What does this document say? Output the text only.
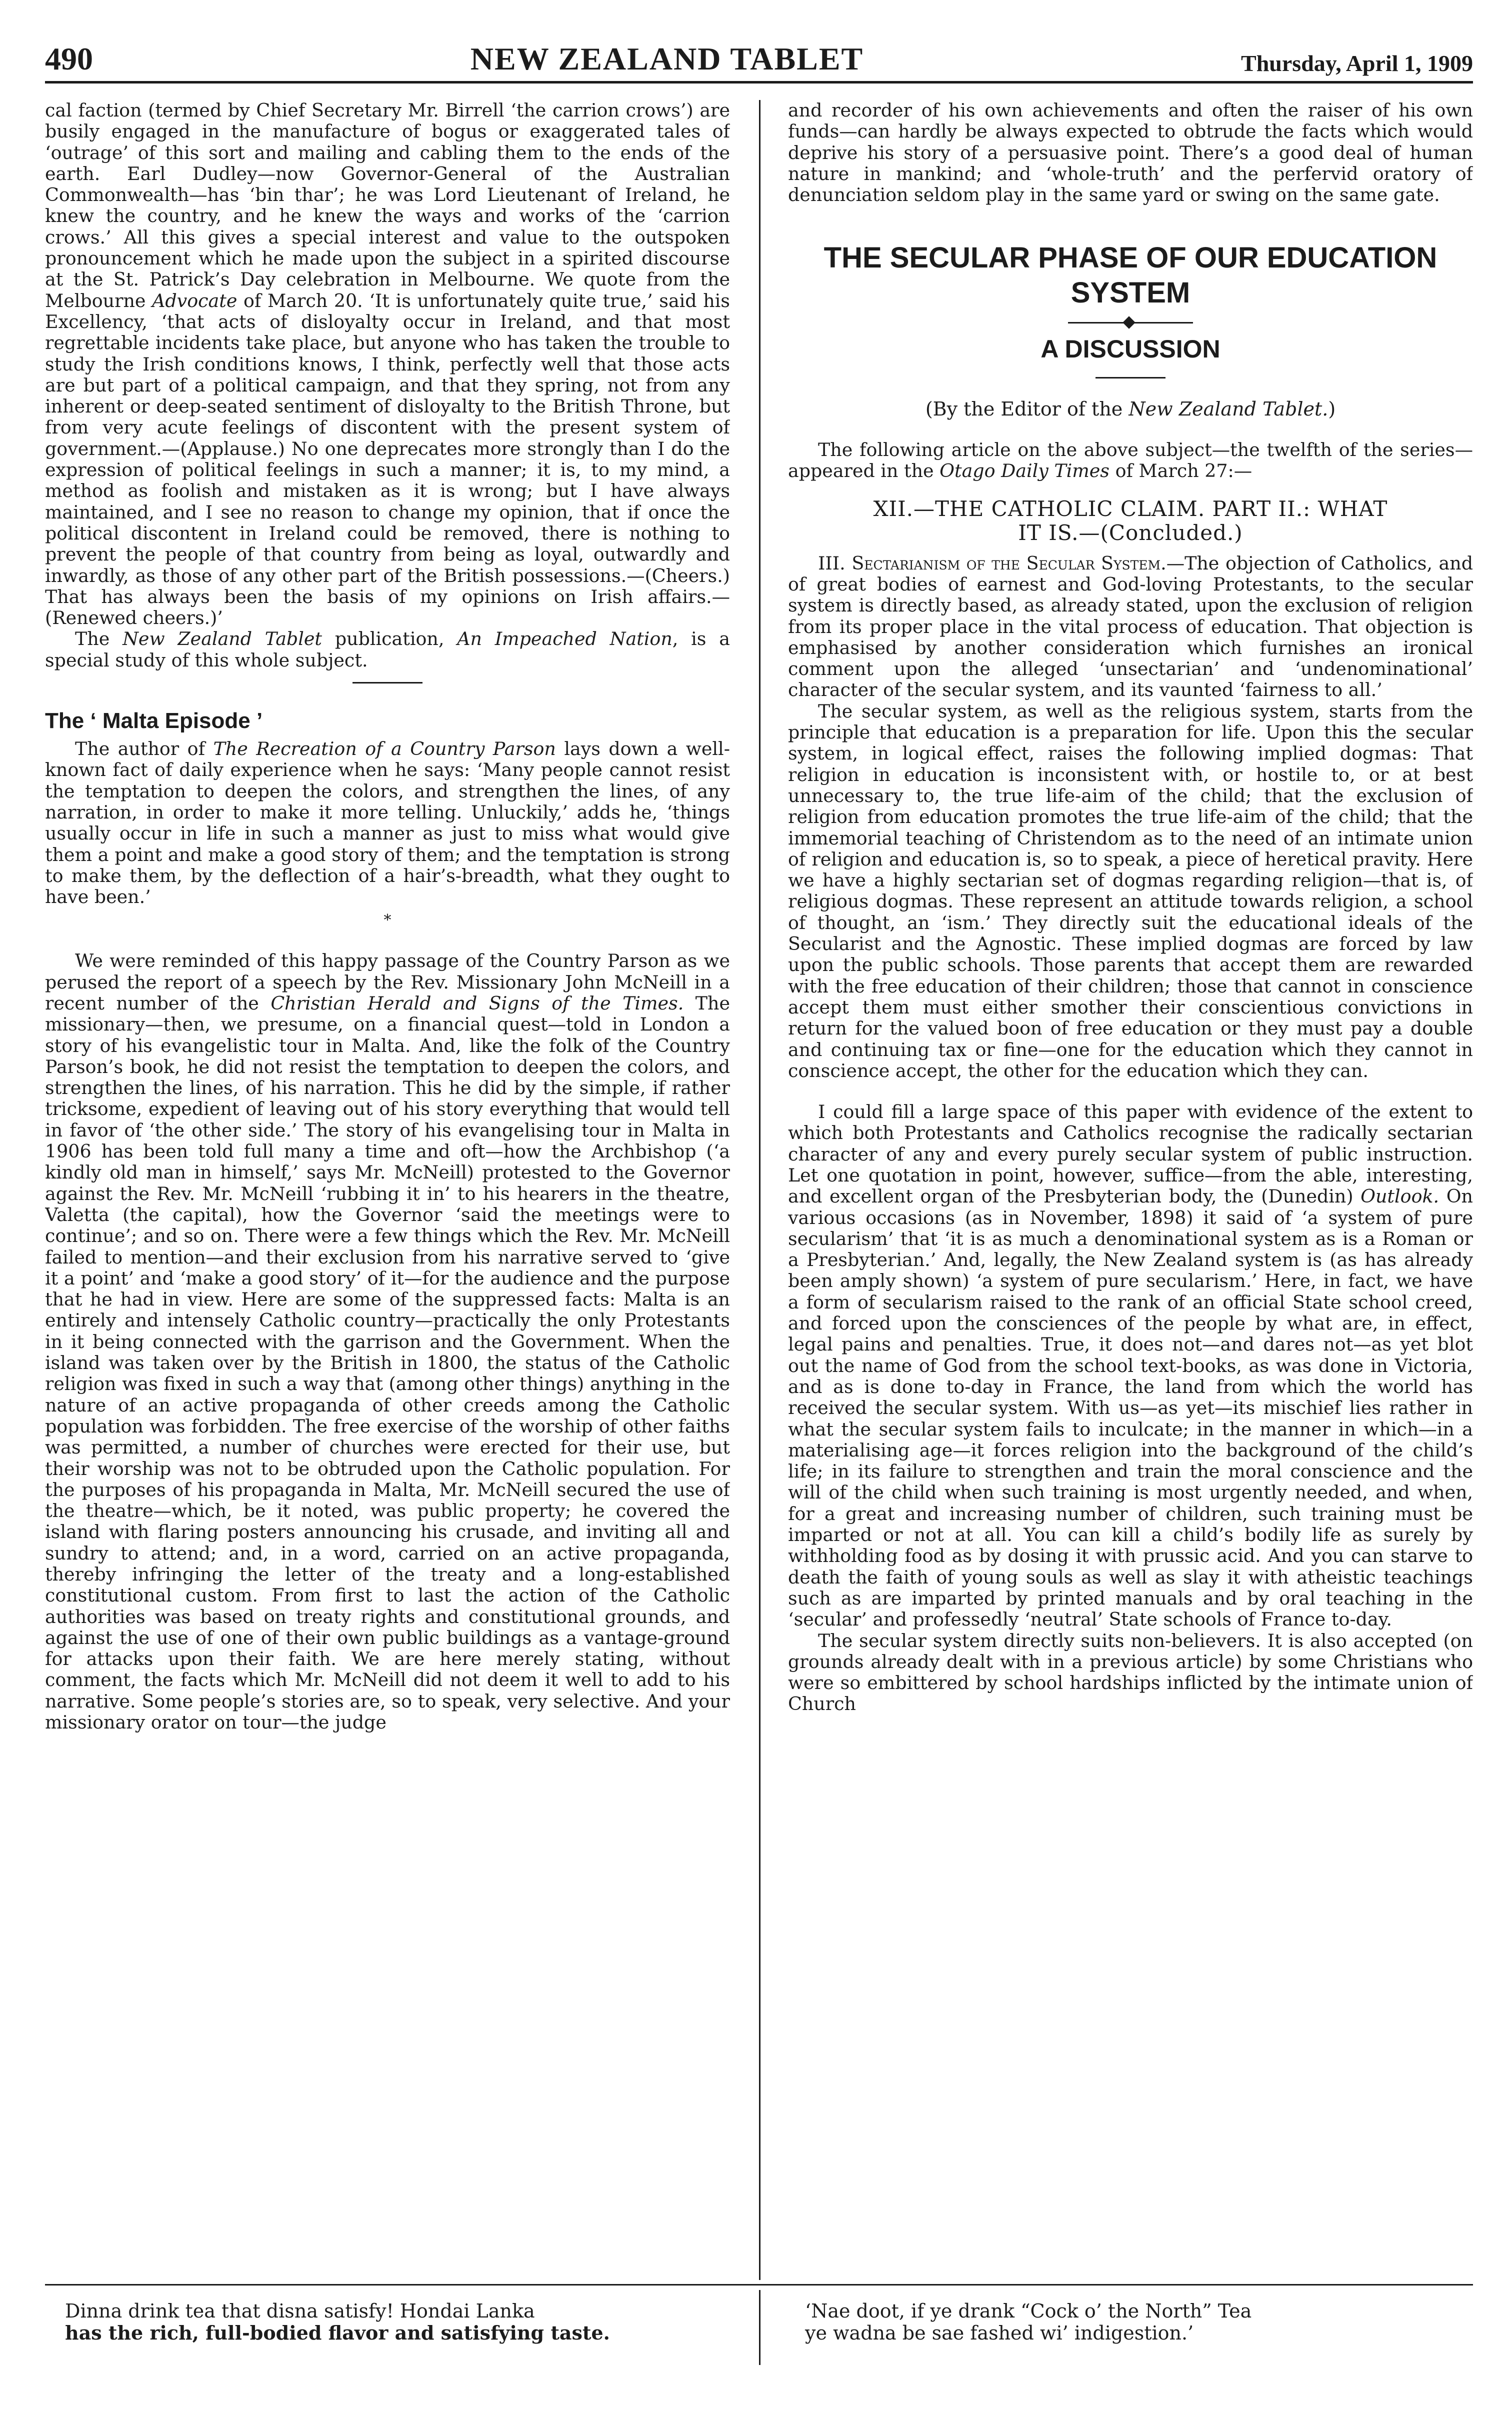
490	NEW ZEALAND TABLET	Thursday, April 1, 1909

cal faction (termed by Chief Secretary Mr. Birrell ‘the carrion crows’) are busily engaged in the manufacture of bogus or exaggerated tales of ‘outrage’ of this sort and mailing and cabling them to the ends of the earth. Earl Dudley—now Governor-General of the Australian Commonwealth—has ‘bin thar’; he was Lord Lieutenant of Ireland, he knew the country, and he knew the ways and works of the ‘carrion crows.’ All this gives a special interest and value to the outspoken pronouncement which he made upon the subject in a spirited discourse at the St. Patrick’s Day celebration in Melbourne. We quote from the Melbourne Advocate of March 20. ‘It is unfortunately quite true,’ said his Excellency, ‘that acts of disloyalty occur in Ireland, and that most regrettable incidents take place, but anyone who has taken the trouble to study the Irish conditions knows, I think, perfectly well that those acts are but part of a political campaign, and that they spring, not from any inherent or deep-seated sentiment of disloyalty to the British Throne, but from very acute feelings of discontent with the present system of government.—(Applause.) No one deprecates more strongly than I do the expression of political feelings in such a manner; it is, to my mind, a method as foolish and mistaken as it is wrong; but I have always maintained, and I see no reason to change my opinion, that if once the political discontent in Ireland could be removed, there is nothing to prevent the people of that country from being as loyal, outwardly and inwardly, as those of any other part of the British possessions.—(Cheers.) That has always been the basis of my opinions on Irish affairs.—(Renewed cheers.)’

The New Zealand Tablet publication, An Impeached Nation, is a special study of this whole subject.

The ‘ Malta Episode ’

The author of The Recreation of a Country Parson lays down a well-known fact of daily experience when he says: ‘Many people cannot resist the temptation to deepen the colors, and strengthen the lines, of any narration, in order to make it more telling. Unluckily,’ adds he, ‘things usually occur in life in such a manner as just to miss what would give them a point and make a good story of them; and the temptation is strong to make them, by the deflection of a hair’s-breadth, what they ought to have been.’

*

We were reminded of this happy passage of the Country Parson as we perused the report of a speech by the Rev. Missionary John McNeill in a recent number of the Christian Herald and Signs of the Times. The missionary—then, we presume, on a financial quest—told in London a story of his evangelistic tour in Malta. And, like the folk of the Country Parson’s book, he did not resist the temptation to deepen the colors, and strengthen the lines, of his narration. This he did by the simple, if rather tricksome, expedient of leaving out of his story everything that would tell in favor of ‘the other side.’ The story of his evangelising tour in Malta in 1906 has been told full many a time and oft—how the Archbishop (‘a kindly old man in himself,’ says Mr. McNeill) protested to the Governor against the Rev. Mr. McNeill ‘rubbing it in’ to his hearers in the theatre, Valetta (the capital), how the Governor ‘said the meetings were to continue’; and so on. There were a few things which the Rev. Mr. McNeill failed to mention—and their exclusion from his narrative served to ‘give it a point’ and ‘make a good story’ of it—for the audience and the purpose that he had in view. Here are some of the suppressed facts: Malta is an entirely and intensely Catholic country—practically the only Protestants in it being connected with the garrison and the Government. When the island was taken over by the British in 1800, the status of the Catholic religion was fixed in such a way that (among other things) anything in the nature of an active propaganda of other creeds among the Catholic population was forbidden. The free exercise of the worship of other faiths was permitted, a number of churches were erected for their use, but their worship was not to be obtruded upon the Catholic population. For the purposes of his propaganda in Malta, Mr. McNeill secured the use of the theatre—which, be it noted, was public property; he covered the island with flaring posters announcing his crusade, and inviting all and sundry to attend; and, in a word, carried on an active propaganda, thereby infringing the letter of the treaty and a long-established constitutional custom. From first to last the action of the Catholic authorities was based on treaty rights and constitutional grounds, and against the use of one of their own public buildings as a vantage-ground for attacks upon their faith. We are here merely stating, without comment, the facts which Mr. McNeill did not deem it well to add to his narrative. Some people’s stories are, so to speak, very selective. And your missionary orator on tour—the judge

and recorder of his own achievements and often the raiser of his own funds—can hardly be always expected to obtrude the facts which would deprive his story of a persuasive point. There’s a good deal of human nature in mankind; and ‘whole-truth’ and the perfervid oratory of denunciation seldom play in the same yard or swing on the same gate.

THE SECULAR PHASE OF OUR EDUCATION
SYSTEM
A DISCUSSION
(By the Editor of the New Zealand Tablet.)

The following article on the above subject—the twelfth of the series—appeared in the Otago Daily Times of March 27:—

XII.—THE CATHOLIC CLAIM. PART II.: WHAT
IT IS.—(Concluded.)

III. Sectarianism of the Secular System.—The objection of Catholics, and of great bodies of earnest and God-loving Protestants, to the secular system is directly based, as already stated, upon the exclusion of religion from its proper place in the vital process of education. That objection is emphasised by another consideration which furnishes an ironical comment upon the alleged ‘unsectarian’ and ‘undenominational’ character of the secular system, and its vaunted ‘fairness to all.’

The secular system, as well as the religious system, starts from the principle that education is a preparation for life. Upon this the secular system, in logical effect, raises the following implied dogmas: That religion in education is inconsistent with, or hostile to, or at best unnecessary to, the true life-aim of the child; that the exclusion of religion from education promotes the true life-aim of the child; that the immemorial teaching of Christendom as to the need of an intimate union of religion and education is, so to speak, a piece of heretical pravity. Here we have a highly sectarian set of dogmas regarding religion—that is, of religious dogmas. These represent an attitude towards religion, a school of thought, an ‘ism.’ They directly suit the educational ideals of the Secularist and the Agnostic. These implied dogmas are forced by law upon the public schools. Those parents that accept them are rewarded with the free education of their children; those that cannot in conscience accept them must either smother their conscientious convictions in return for the valued boon of free education or they must pay a double and continuing tax or fine—one for the education which they cannot in conscience accept, the other for the education which they can.

I could fill a large space of this paper with evidence of the extent to which both Protestants and Catholics recognise the radically sectarian character of any and every purely secular system of public instruction. Let one quotation in point, however, suffice—from the able, interesting, and excellent organ of the Presbyterian body, the (Dunedin) Outlook. On various occasions (as in November, 1898) it said of ‘a system of pure secularism’ that ‘it is as much a denominational system as is a Roman or a Presbyterian.’ And, legally, the New Zealand system is (as has already been amply shown) ‘a system of pure secularism.’ Here, in fact, we have a form of secularism raised to the rank of an official State school creed, and forced upon the consciences of the people by what are, in effect, legal pains and penalties. True, it does not—and dares not—as yet blot out the name of God from the school text-books, as was done in Victoria, and as is done to-day in France, the land from which the world has received the secular system. With us—as yet—its mischief lies rather in what the secular system fails to inculcate; in the manner in which—in a materialising age—it forces religion into the background of the child’s life; in its failure to strengthen and train the moral conscience and the will of the child when such training is most urgently needed, and when, for a great and increasing number of children, such training must be imparted or not at all. You can kill a child’s bodily life as surely by withholding food as by dosing it with prussic acid. And you can starve to death the faith of young souls as well as slay it with atheistic teachings such as are imparted by printed manuals and by oral teaching in the ‘secular’ and professedly ‘neutral’ State schools of France to-day.

The secular system directly suits non-believers. It is also accepted (on grounds already dealt with in a previous article) by some Christians who were so embittered by school hardships inflicted by the intimate union of Church

Dinna drink tea that disna satisfy! Hondai Lanka
has the rich, full-bodied flavor and satisfying taste.
‘Nae doot, if ye drank “Cock o’ the North” Tea
ye wadna be sae fashed wi’ indigestion.’
